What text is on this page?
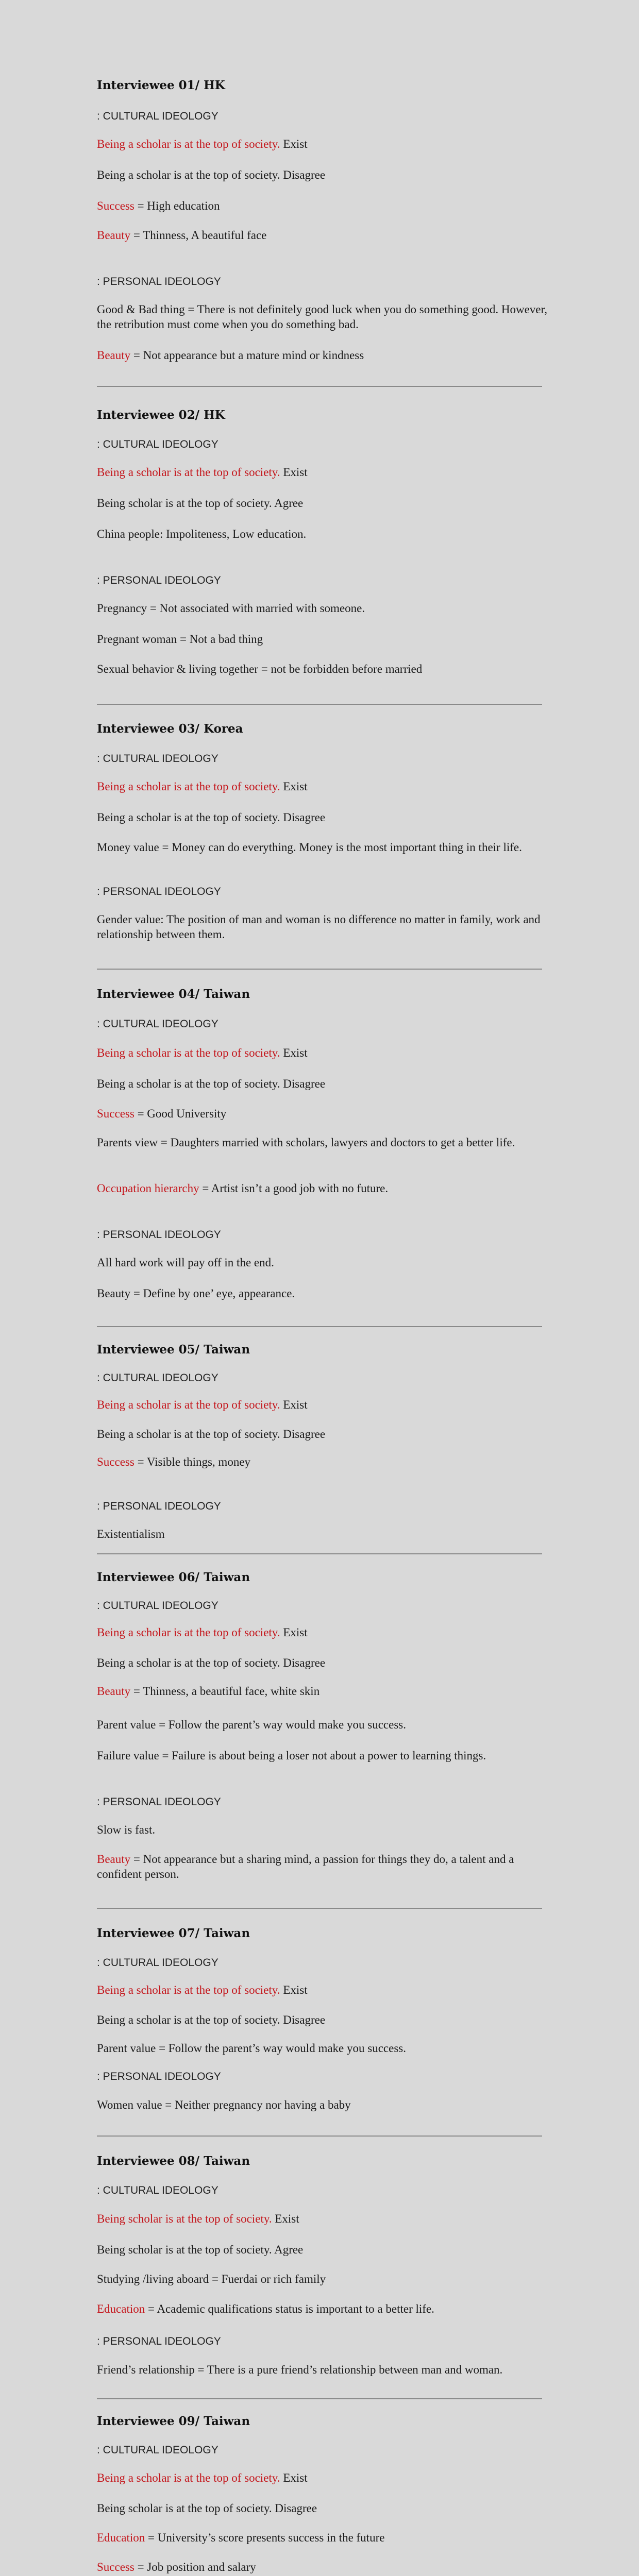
Interviewee 01/ HK
: CULTURAL IDEOLOGY
Being a scholar is at the top of society. Exist
Being a scholar is at the top of society. Disagree
Success = High education
Beauty = Thinness, A beautiful face
: PERSONAL IDEOLOGY
Good & Bad thing = There is not definitely good luck when you do something good. However, the retribution must come when you do something bad.
Beauty = Not appearance but a mature mind or kindness
Interviewee 02/ HK
: CULTURAL IDEOLOGY
Being a scholar is at the top of society. Exist
Being scholar is at the top of society. Agree
China people: Impoliteness, Low education.
: PERSONAL IDEOLOGY
Pregnancy = Not associated with married with someone.
Pregnant woman = Not a bad thing
Sexual behavior & living together = not be forbidden before married
Interviewee 03/ Korea
: CULTURAL IDEOLOGY
Being a scholar is at the top of society. Exist
Being a scholar is at the top of society. Disagree
Money value = Money can do everything. Money is the most important thing in their life.
: PERSONAL IDEOLOGY
Gender value: The position of man and woman is no difference no matter in family, work and relationship between them.
Interviewee 04/ Taiwan
: CULTURAL IDEOLOGY
Being a scholar is at the top of society. Exist
Being a scholar is at the top of society. Disagree
Success = Good University
Parents view = Daughters married with scholars, lawyers and doctors to get a better life.
Occupation hierarchy = Artist isn’t a good job with no future.
: PERSONAL IDEOLOGY
All hard work will pay off in the end.
Beauty = Define by one’ eye, appearance.
Interviewee 05/ Taiwan
: CULTURAL IDEOLOGY
Being a scholar is at the top of society. Exist
Being a scholar is at the top of society. Disagree
Success = Visible things, money
: PERSONAL IDEOLOGY
Existentialism
Interviewee 06/ Taiwan
: CULTURAL IDEOLOGY
Being a scholar is at the top of society. Exist
Being a scholar is at the top of society. Disagree
Beauty = Thinness, a beautiful face, white skin
Parent value = Follow the parent’s way would make you success.
Failure value = Failure is about being a loser not about a power to learning things.
: PERSONAL IDEOLOGY
Slow is fast.
Beauty = Not appearance but a sharing mind, a passion for things they do, a talent and a confident person.
Interviewee 07/ Taiwan
: CULTURAL IDEOLOGY
Being a scholar is at the top of society. Exist
Being a scholar is at the top of society. Disagree
Parent value = Follow the parent’s way would make you success.
: PERSONAL IDEOLOGY
Women value = Neither pregnancy nor having a baby
Interviewee 08/ Taiwan
: CULTURAL IDEOLOGY
Being scholar is at the top of society. Exist
Being scholar is at the top of society. Agree
Studying /living aboard = Fuerdai or rich family
Education = Academic qualifications status is important to a better life.
: PERSONAL IDEOLOGY
Friend’s relationship = There is a pure friend’s relationship between man and woman.
Interviewee 09/ Taiwan
: CULTURAL IDEOLOGY
Being a scholar is at the top of society. Exist
Being scholar is at the top of society. Disagree
Education = University’s score presents success in the future
Success = Job position and salary
